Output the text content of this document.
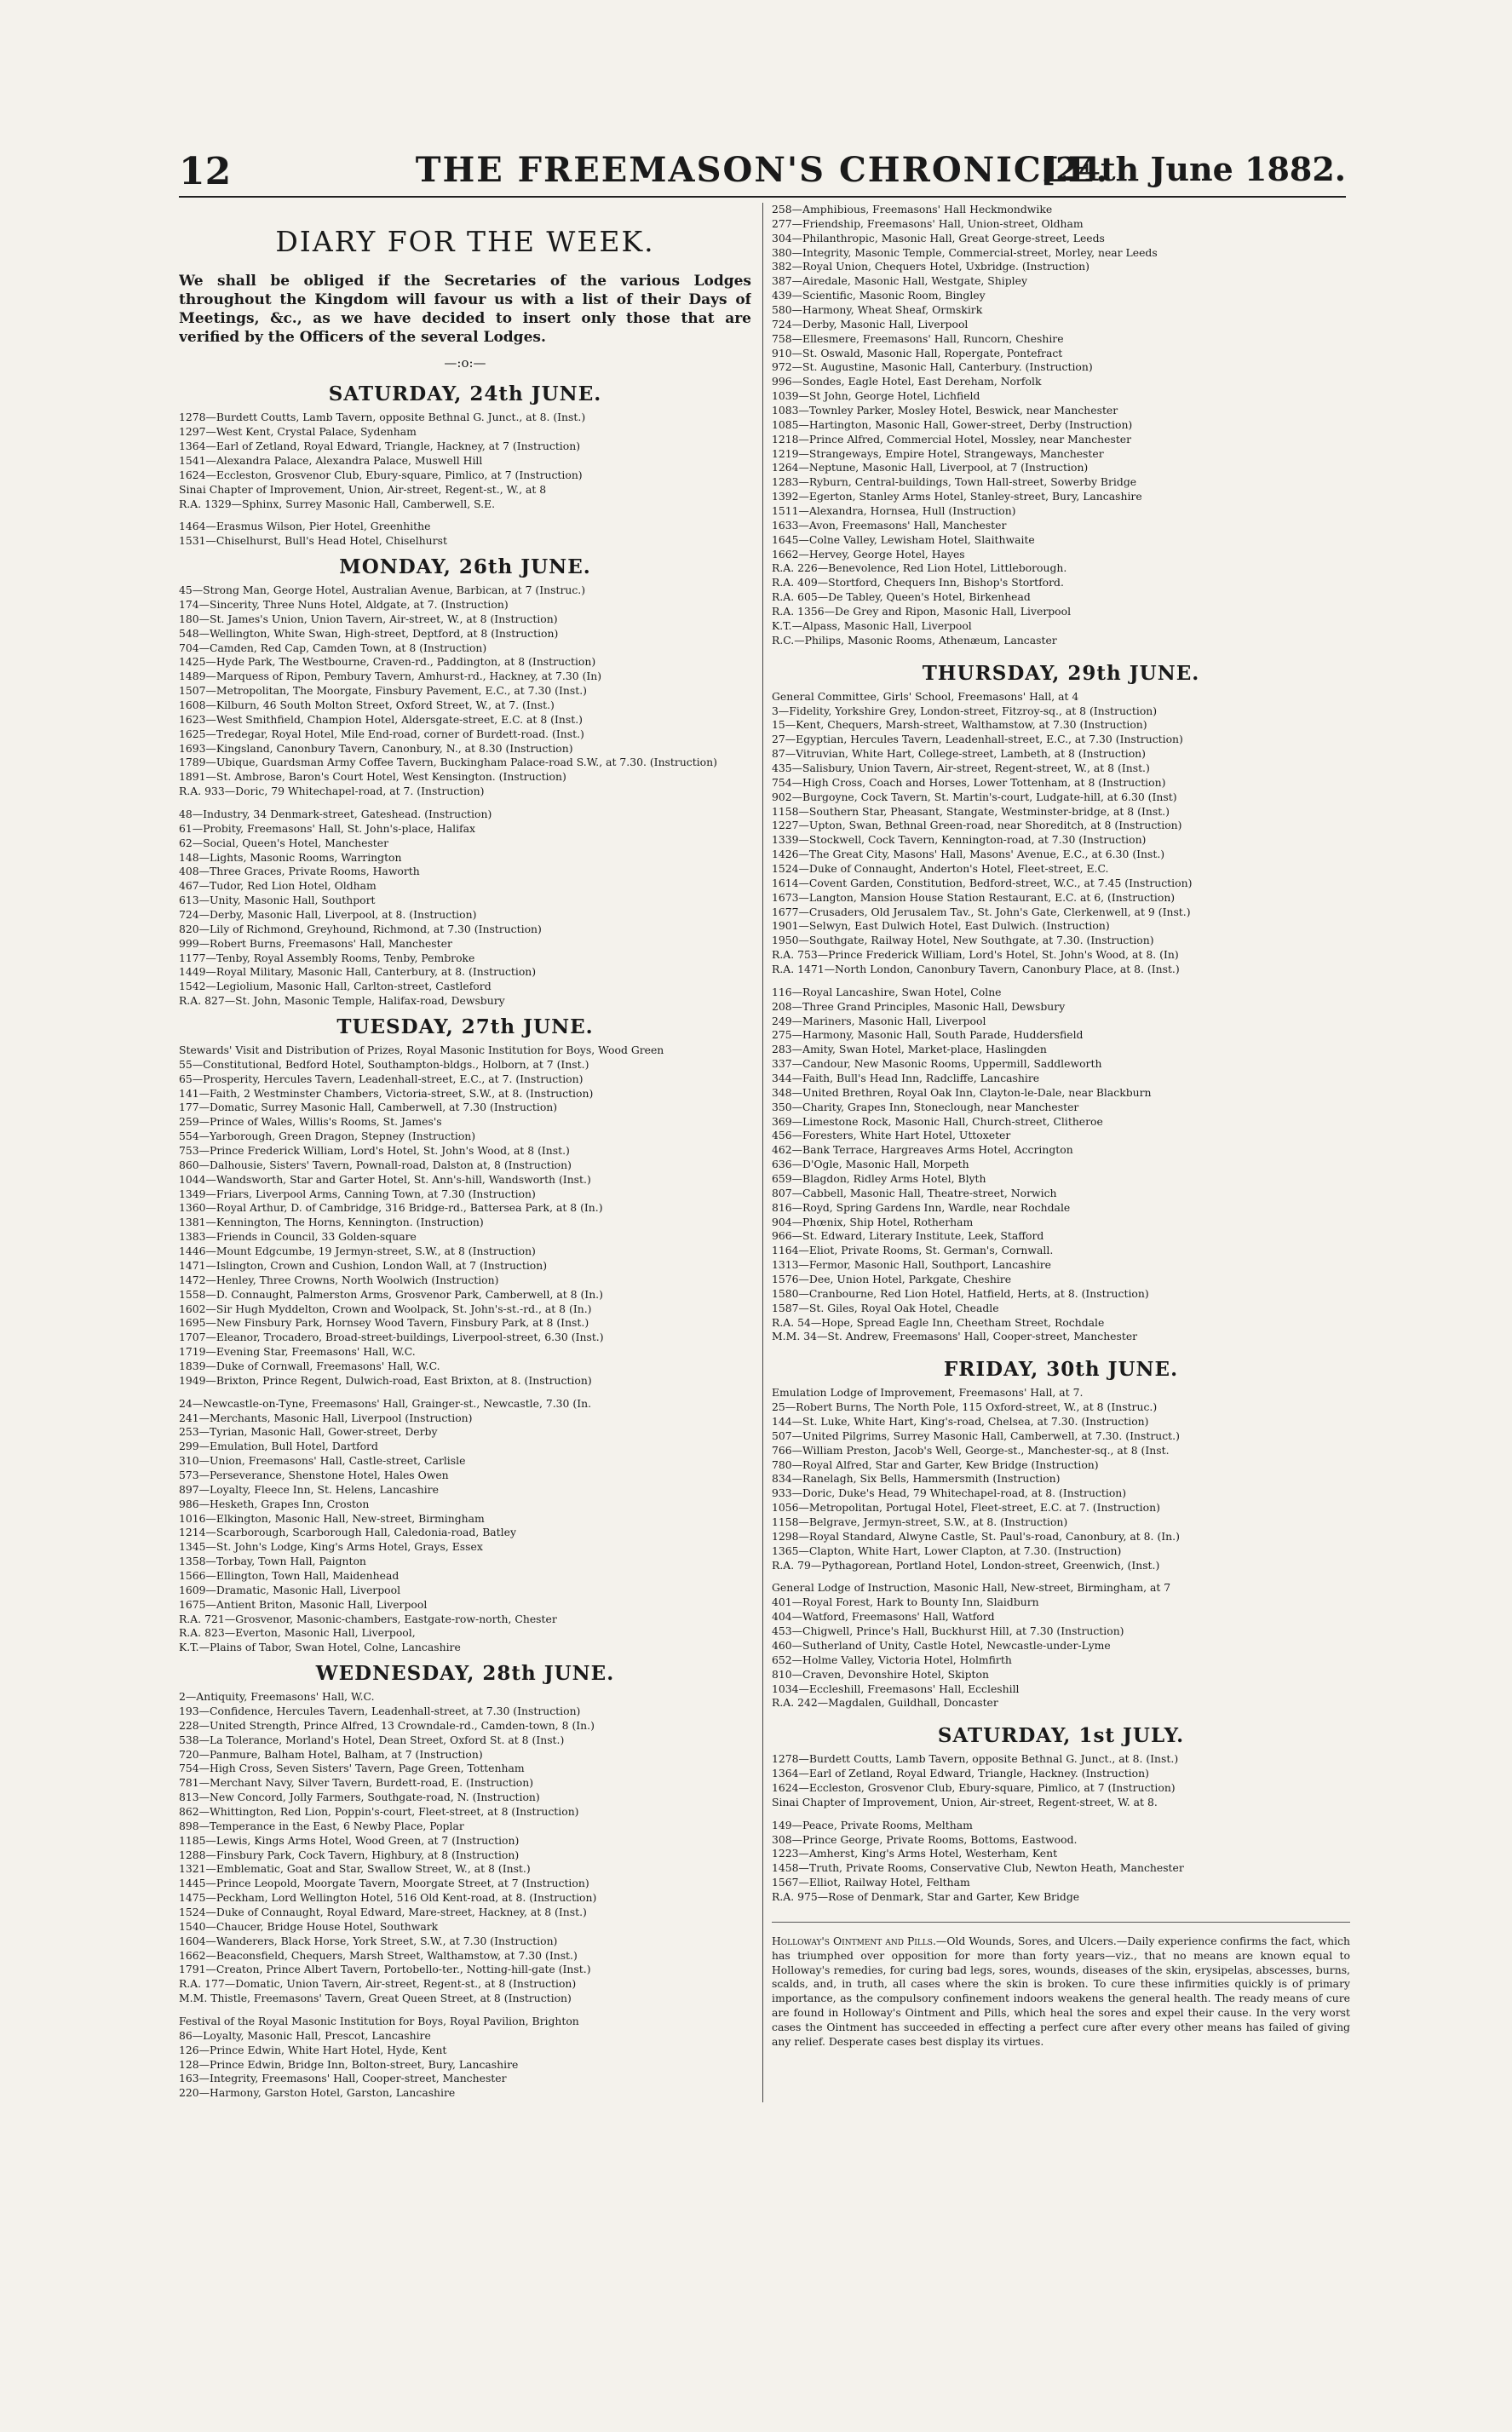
12	THE FREEMASON'S CHRONICLE.
[24th June 1882.
DIARY FOR THE WEEK.

We shall be obliged if the Secretaries of the various Lodges throughout the Kingdom will favour us with a list of their Days of Meetings, &c., as we have decided to insert only those that are verified by the Officers of the several Lodges.

—:o:—
SATURDAY, 24th JUNE.

1278—Burdett Coutts, Lamb Tavern, opposite Bethnal G. Junct., at 8. (Inst.)

1297—West Kent, Crystal Palace, Sydenham

1364—Earl of Zetland, Royal Edward, Triangle, Hackney, at 7 (Instruction)

1541—Alexandra Palace, Alexandra Palace, Muswell Hill

1624—Eccleston, Grosvenor Club, Ebury-square, Pimlico, at 7 (Instruction)

Sinai Chapter of Improvement, Union, Air-street, Regent-st., W., at 8

R.A. 1329—Sphinx, Surrey Masonic Hall, Camberwell, S.E.

1464—Erasmus Wilson, Pier Hotel, Greenhithe

1531—Chiselhurst, Bull's Head Hotel, Chiselhurst

MONDAY, 26th JUNE.

45—Strong Man, George Hotel, Australian Avenue, Barbican, at 7 (Instruc.)

174—Sincerity, Three Nuns Hotel, Aldgate, at 7. (Instruction)

180—St. James's Union, Union Tavern, Air-street, W., at 8 (Instruction)

548—Wellington, White Swan, High-street, Deptford, at 8 (Instruction)

704—Camden, Red Cap, Camden Town, at 8 (Instruction)

1425—Hyde Park, The Westbourne, Craven-rd., Paddington, at 8 (Instruction)

1489—Marquess of Ripon, Pembury Tavern, Amhurst-rd., Hackney, at 7.30 (In)

1507—Metropolitan, The Moorgate, Finsbury Pavement, E.C., at 7.30 (Inst.)

1608—Kilburn, 46 South Molton Street, Oxford Street, W., at 7. (Inst.)

1623—West Smithfield, Champion Hotel, Aldersgate-street, E.C. at 8 (Inst.)

1625—Tredegar, Royal Hotel, Mile End-road, corner of Burdett-road. (Inst.)

1693—Kingsland, Canonbury Tavern, Canonbury, N., at 8.30 (Instruction)

1789—Ubique, Guardsman Army Coffee Tavern, Buckingham Palace-road S.W., at 7.30. (Instruction)

1891—St. Ambrose, Baron's Court Hotel, West Kensington. (Instruction)

R.A. 933—Doric, 79 Whitechapel-road, at 7. (Instruction)

48—Industry, 34 Denmark-street, Gateshead. (Instruction)

61—Probity, Freemasons' Hall, St. John's-place, Halifax

62—Social, Queen's Hotel, Manchester

148—Lights, Masonic Rooms, Warrington

408—Three Graces, Private Rooms, Haworth

467—Tudor, Red Lion Hotel, Oldham

613—Unity, Masonic Hall, Southport

724—Derby, Masonic Hall, Liverpool, at 8. (Instruction)

820—Lily of Richmond, Greyhound, Richmond, at 7.30 (Instruction)

999—Robert Burns, Freemasons' Hall, Manchester

1177—Tenby, Royal Assembly Rooms, Tenby, Pembroke

1449—Royal Military, Masonic Hall, Canterbury, at 8. (Instruction)

1542—Legiolium, Masonic Hall, Carlton-street, Castleford

R.A. 827—St. John, Masonic Temple, Halifax-road, Dewsbury

TUESDAY, 27th JUNE.

Stewards' Visit and Distribution of Prizes, Royal Masonic Institution for Boys, Wood Green

55—Constitutional, Bedford Hotel, Southampton-bldgs., Holborn, at 7 (Inst.)

65—Prosperity, Hercules Tavern, Leadenhall-street, E.C., at 7. (Instruction)

141—Faith, 2 Westminster Chambers, Victoria-street, S.W., at 8. (Instruction)

177—Domatic, Surrey Masonic Hall, Camberwell, at 7.30 (Instruction)

259—Prince of Wales, Willis's Rooms, St. James's

554—Yarborough, Green Dragon, Stepney (Instruction)

753—Prince Frederick William, Lord's Hotel, St. John's Wood, at 8 (Inst.)

860—Dalhousie, Sisters' Tavern, Pownall-road, Dalston at, 8 (Instruction)

1044—Wandsworth, Star and Garter Hotel, St. Ann's-hill, Wandsworth (Inst.)

1349—Friars, Liverpool Arms, Canning Town, at 7.30 (Instruction)

1360—Royal Arthur, D. of Cambridge, 316 Bridge-rd., Battersea Park, at 8 (In.)

1381—Kennington, The Horns, Kennington. (Instruction)

1383—Friends in Council, 33 Golden-square

1446—Mount Edgcumbe, 19 Jermyn-street, S.W., at 8 (Instruction)

1471—Islington, Crown and Cushion, London Wall, at 7 (Instruction)

1472—Henley, Three Crowns, North Woolwich (Instruction)

1558—D. Connaught, Palmerston Arms, Grosvenor Park, Camberwell, at 8 (In.)

1602—Sir Hugh Myddelton, Crown and Woolpack, St. John's-st.-rd., at 8 (In.)

1695—New Finsbury Park, Hornsey Wood Tavern, Finsbury Park, at 8 (Inst.)

1707—Eleanor, Trocadero, Broad-street-buildings, Liverpool-street, 6.30 (Inst.)

1719—Evening Star, Freemasons' Hall, W.C.

1839—Duke of Cornwall, Freemasons' Hall, W.C.

1949—Brixton, Prince Regent, Dulwich-road, East Brixton, at 8. (Instruction)

24—Newcastle-on-Tyne, Freemasons' Hall, Grainger-st., Newcastle, 7.30 (In.

241—Merchants, Masonic Hall, Liverpool (Instruction)

253—Tyrian, Masonic Hall, Gower-street, Derby

299—Emulation, Bull Hotel, Dartford

310—Union, Freemasons' Hall, Castle-street, Carlisle

573—Perseverance, Shenstone Hotel, Hales Owen

897—Loyalty, Fleece Inn, St. Helens, Lancashire

986—Hesketh, Grapes Inn, Croston

1016—Elkington, Masonic Hall, New-street, Birmingham

1214—Scarborough, Scarborough Hall, Caledonia-road, Batley

1345—St. John's Lodge, King's Arms Hotel, Grays, Essex

1358—Torbay, Town Hall, Paignton

1566—Ellington, Town Hall, Maidenhead

1609—Dramatic, Masonic Hall, Liverpool

1675—Antient Briton, Masonic Hall, Liverpool

R.A. 721—Grosvenor, Masonic-chambers, Eastgate-row-north, Chester

R.A. 823—Everton, Masonic Hall, Liverpool,

K.T.—Plains of Tabor, Swan Hotel, Colne, Lancashire

WEDNESDAY, 28th JUNE.

2—Antiquity, Freemasons' Hall, W.C.

193—Confidence, Hercules Tavern, Leadenhall-street, at 7.30 (Instruction)

228—United Strength, Prince Alfred, 13 Crowndale-rd., Camden-town, 8 (In.)

538—La Tolerance, Morland's Hotel, Dean Street, Oxford St. at 8 (Inst.)

720—Panmure, Balham Hotel, Balham, at 7 (Instruction)

754—High Cross, Seven Sisters' Tavern, Page Green, Tottenham

781—Merchant Navy, Silver Tavern, Burdett-road, E. (Instruction)

813—New Concord, Jolly Farmers, Southgate-road, N. (Instruction)

862—Whittington, Red Lion, Poppin's-court, Fleet-street, at 8 (Instruction)

898—Temperance in the East, 6 Newby Place, Poplar

1185—Lewis, Kings Arms Hotel, Wood Green, at 7 (Instruction)

1288—Finsbury Park, Cock Tavern, Highbury, at 8 (Instruction)

1321—Emblematic, Goat and Star, Swallow Street, W., at 8 (Inst.)

1445—Prince Leopold, Moorgate Tavern, Moorgate Street, at 7 (Instruction)

1475—Peckham, Lord Wellington Hotel, 516 Old Kent-road, at 8. (Instruction)

1524—Duke of Connaught, Royal Edward, Mare-street, Hackney, at 8 (Inst.)

1540—Chaucer, Bridge House Hotel, Southwark

1604—Wanderers, Black Horse, York Street, S.W., at 7.30 (Instruction)

1662—Beaconsfield, Chequers, Marsh Street, Walthamstow, at 7.30 (Inst.)

1791—Creaton, Prince Albert Tavern, Portobello-ter., Notting-hill-gate (Inst.)

R.A. 177—Domatic, Union Tavern, Air-street, Regent-st., at 8 (Instruction)

M.M. Thistle, Freemasons' Tavern, Great Queen Street, at 8 (Instruction)

Festival of the Royal Masonic Institution for Boys, Royal Pavilion, Brighton

86—Loyalty, Masonic Hall, Prescot, Lancashire

126—Prince Edwin, White Hart Hotel, Hyde, Kent

128—Prince Edwin, Bridge Inn, Bolton-street, Bury, Lancashire

163—Integrity, Freemasons' Hall, Cooper-street, Manchester

220—Harmony, Garston Hotel, Garston, Lancashire

258—Amphibious, Freemasons' Hall Heckmondwike

277—Friendship, Freemasons' Hall, Union-street, Oldham

304—Philanthropic, Masonic Hall, Great George-street, Leeds

380—Integrity, Masonic Temple, Commercial-street, Morley, near Leeds

382—Royal Union, Chequers Hotel, Uxbridge. (Instruction)

387—Airedale, Masonic Hall, Westgate, Shipley

439—Scientific, Masonic Room, Bingley

580—Harmony, Wheat Sheaf, Ormskirk

724—Derby, Masonic Hall, Liverpool

758—Ellesmere, Freemasons' Hall, Runcorn, Cheshire

910—St. Oswald, Masonic Hall, Ropergate, Pontefract

972—St. Augustine, Masonic Hall, Canterbury. (Instruction)

996—Sondes, Eagle Hotel, East Dereham, Norfolk

1039—St John, George Hotel, Lichfield

1083—Townley Parker, Mosley Hotel, Beswick, near Manchester

1085—Hartington, Masonic Hall, Gower-street, Derby (Instruction)

1218—Prince Alfred, Commercial Hotel, Mossley, near Manchester

1219—Strangeways, Empire Hotel, Strangeways, Manchester

1264—Neptune, Masonic Hall, Liverpool, at 7 (Instruction)

1283—Ryburn, Central-buildings, Town Hall-street, Sowerby Bridge

1392—Egerton, Stanley Arms Hotel, Stanley-street, Bury, Lancashire

1511—Alexandra, Hornsea, Hull (Instruction)

1633—Avon, Freemasons' Hall, Manchester

1645—Colne Valley, Lewisham Hotel, Slaithwaite

1662—Hervey, George Hotel, Hayes

R.A. 226—Benevolence, Red Lion Hotel, Littleborough.

R.A. 409—Stortford, Chequers Inn, Bishop's Stortford.

R.A. 605—De Tabley, Queen's Hotel, Birkenhead

R.A. 1356—De Grey and Ripon, Masonic Hall, Liverpool

K.T.—Alpass, Masonic Hall, Liverpool

R.C.—Philips, Masonic Rooms, Athenæum, Lancaster

THURSDAY, 29th JUNE.

General Committee, Girls' School, Freemasons' Hall, at 4

3—Fidelity, Yorkshire Grey, London-street, Fitzroy-sq., at 8 (Instruction)

15—Kent, Chequers, Marsh-street, Walthamstow, at 7.30 (Instruction)

27—Egyptian, Hercules Tavern, Leadenhall-street, E.C., at 7.30 (Instruction)

87—Vitruvian, White Hart, College-street, Lambeth, at 8 (Instruction)

435—Salisbury, Union Tavern, Air-street, Regent-street, W., at 8 (Inst.)

754—High Cross, Coach and Horses, Lower Tottenham, at 8 (Instruction)

902—Burgoyne, Cock Tavern, St. Martin's-court, Ludgate-hill, at 6.30 (Inst)

1158—Southern Star, Pheasant, Stangate, Westminster-bridge, at 8 (Inst.)

1227—Upton, Swan, Bethnal Green-road, near Shoreditch, at 8 (Instruction)

1339—Stockwell, Cock Tavern, Kennington-road, at 7.30 (Instruction)

1426—The Great City, Masons' Hall, Masons' Avenue, E.C., at 6.30 (Inst.)

1524—Duke of Connaught, Anderton's Hotel, Fleet-street, E.C.

1614—Covent Garden, Constitution, Bedford-street, W.C., at 7.45 (Instruction)

1673—Langton, Mansion House Station Restaurant, E.C. at 6, (Instruction)

1677—Crusaders, Old Jerusalem Tav., St. John's Gate, Clerkenwell, at 9 (Inst.)

1901—Selwyn, East Dulwich Hotel, East Dulwich. (Instruction)

1950—Southgate, Railway Hotel, New Southgate, at 7.30. (Instruction)

R.A. 753—Prince Frederick William, Lord's Hotel, St. John's Wood, at 8. (In)

R.A. 1471—North London, Canonbury Tavern, Canonbury Place, at 8. (Inst.)

116—Royal Lancashire, Swan Hotel, Colne

208—Three Grand Principles, Masonic Hall, Dewsbury

249—Mariners, Masonic Hall, Liverpool

275—Harmony, Masonic Hall, South Parade, Huddersfield

283—Amity, Swan Hotel, Market-place, Haslingden

337—Candour, New Masonic Rooms, Uppermill, Saddleworth

344—Faith, Bull's Head Inn, Radcliffe, Lancashire

348—United Brethren, Royal Oak Inn, Clayton-le-Dale, near Blackburn

350—Charity, Grapes Inn, Stoneclough, near Manchester

369—Limestone Rock, Masonic Hall, Church-street, Clitheroe

456—Foresters, White Hart Hotel, Uttoxeter

462—Bank Terrace, Hargreaves Arms Hotel, Accrington

636—D'Ogle, Masonic Hall, Morpeth

659—Blagdon, Ridley Arms Hotel, Blyth

807—Cabbell, Masonic Hall, Theatre-street, Norwich

816—Royd, Spring Gardens Inn, Wardle, near Rochdale

904—Phœnix, Ship Hotel, Rotherham

966—St. Edward, Literary Institute, Leek, Stafford

1164—Eliot, Private Rooms, St. German's, Cornwall.

1313—Fermor, Masonic Hall, Southport, Lancashire

1576—Dee, Union Hotel, Parkgate, Cheshire

1580—Cranbourne, Red Lion Hotel, Hatfield, Herts, at 8. (Instruction)

1587—St. Giles, Royal Oak Hotel, Cheadle

R.A. 54—Hope, Spread Eagle Inn, Cheetham Street, Rochdale

M.M. 34—St. Andrew, Freemasons' Hall, Cooper-street, Manchester

FRIDAY, 30th JUNE.

Emulation Lodge of Improvement, Freemasons' Hall, at 7.

25—Robert Burns, The North Pole, 115 Oxford-street, W., at 8 (Instruc.)

144—St. Luke, White Hart, King's-road, Chelsea, at 7.30. (Instruction)

507—United Pilgrims, Surrey Masonic Hall, Camberwell, at 7.30. (Instruct.)

766—William Preston, Jacob's Well, George-st., Manchester-sq., at 8 (Inst.

780—Royal Alfred, Star and Garter, Kew Bridge (Instruction)

834—Ranelagh, Six Bells, Hammersmith (Instruction)

933—Doric, Duke's Head, 79 Whitechapel-road, at 8. (Instruction)

1056—Metropolitan, Portugal Hotel, Fleet-street, E.C. at 7. (Instruction)

1158—Belgrave, Jermyn-street, S.W., at 8. (Instruction)

1298—Royal Standard, Alwyne Castle, St. Paul's-road, Canonbury, at 8. (In.)

1365—Clapton, White Hart, Lower Clapton, at 7.30. (Instruction)

R.A. 79—Pythagorean, Portland Hotel, London-street, Greenwich, (Inst.)

General Lodge of Instruction, Masonic Hall, New-street, Birmingham, at 7

401—Royal Forest, Hark to Bounty Inn, Slaidburn

404—Watford, Freemasons' Hall, Watford

453—Chigwell, Prince's Hall, Buckhurst Hill, at 7.30 (Instruction)

460—Sutherland of Unity, Castle Hotel, Newcastle-under-Lyme

652—Holme Valley, Victoria Hotel, Holmfirth

810—Craven, Devonshire Hotel, Skipton

1034—Eccleshill, Freemasons' Hall, Eccleshill

R.A. 242—Magdalen, Guildhall, Doncaster

SATURDAY, 1st JULY.

1278—Burdett Coutts, Lamb Tavern, opposite Bethnal G. Junct., at 8. (Inst.)

1364—Earl of Zetland, Royal Edward, Triangle, Hackney. (Instruction)

1624—Eccleston, Grosvenor Club, Ebury-square, Pimlico, at 7 (Instruction)

Sinai Chapter of Improvement, Union, Air-street, Regent-street, W. at 8.

149—Peace, Private Rooms, Meltham

308—Prince George, Private Rooms, Bottoms, Eastwood.

1223—Amherst, King's Arms Hotel, Westerham, Kent

1458—Truth, Private Rooms, Conservative Club, Newton Heath, Manchester

1567—Elliot, Railway Hotel, Feltham

R.A. 975—Rose of Denmark, Star and Garter, Kew Bridge

Holloway's Ointment and Pills.—Old Wounds, Sores, and Ulcers.—Daily experience confirms the fact, which has triumphed over opposition for more than forty years—viz., that no means are known equal to Holloway's remedies, for curing bad legs, sores, wounds, diseases of the skin, erysipelas, abscesses, burns, scalds, and, in truth, all cases where the skin is broken. To cure these infirmities quickly is of primary importance, as the compulsory confinement indoors weakens the general health. The ready means of cure are found in Holloway's Ointment and Pills, which heal the sores and expel their cause. In the very worst cases the Ointment has succeeded in effecting a perfect cure after every other means has failed of giving any relief. Desperate cases best display its virtues.
